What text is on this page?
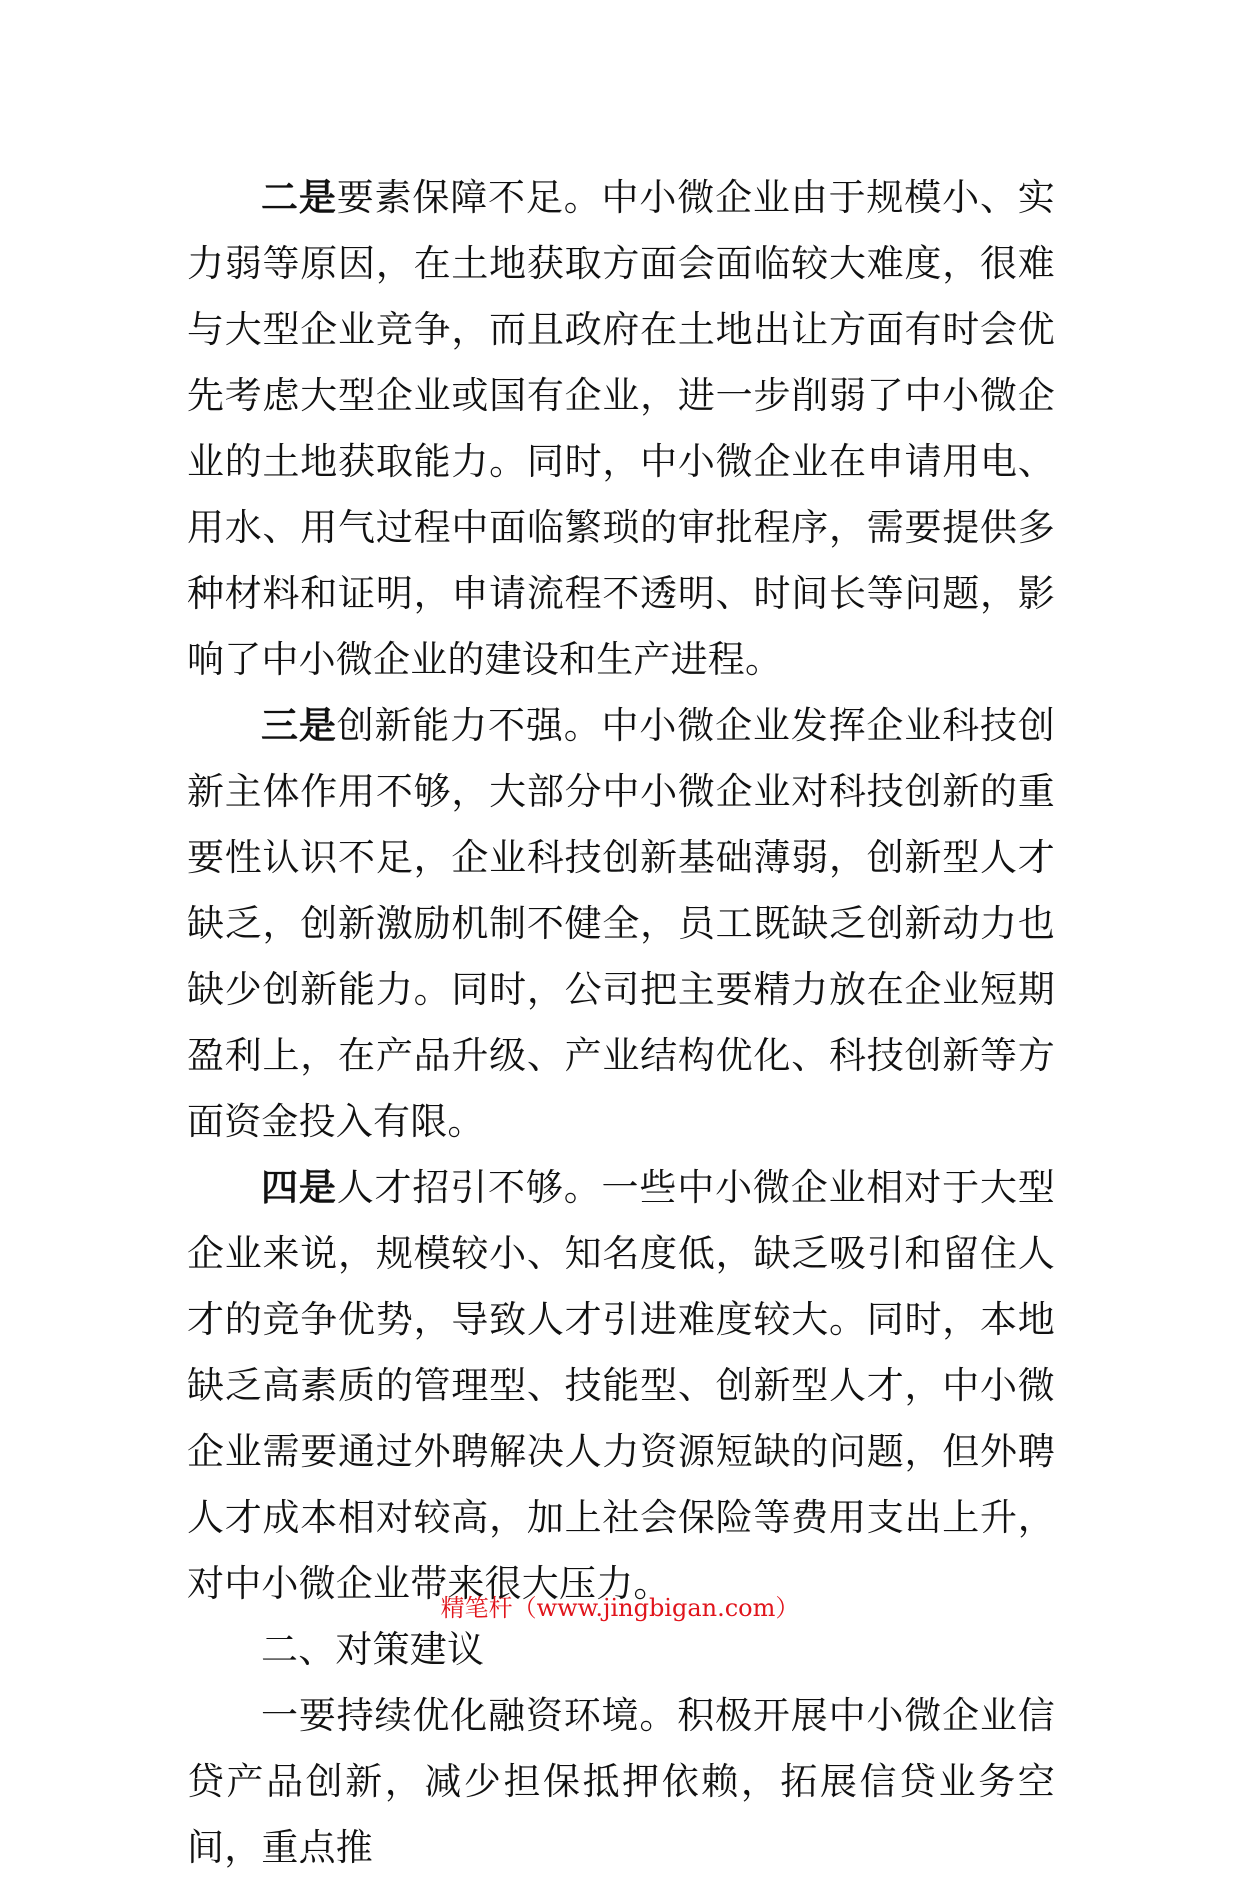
二是要素保障不足。中小微企业由于规模小、实力弱等原因，在土地获取方面会面临较大难度，很难与大型企业竞争，而且政府在土地出让方面有时会优先考虑大型企业或国有企业，进一步削弱了中小微企业的土地获取能力。同时，中小微企业在申请用电、用水、用气过程中面临繁琐的审批程序，需要提供多种材料和证明，申请流程不透明、时间长等问题，影响了中小微企业的建设和生产进程。

三是创新能力不强。中小微企业发挥企业科技创新主体作用不够，大部分中小微企业对科技创新的重要性认识不足，企业科技创新基础薄弱，创新型人才缺乏，创新激励机制不健全，员工既缺乏创新动力也缺少创新能力。同时，公司把主要精力放在企业短期盈利上，在产品升级、产业结构优化、科技创新等方面资金投入有限。

四是人才招引不够。一些中小微企业相对于大型企业来说，规模较小、知名度低，缺乏吸引和留住人才的竞争优势，导致人才引进难度较大。同时，本地缺乏高素质的管理型、技能型、创新型人才，中小微企业需要通过外聘解决人力资源短缺的问题，但外聘人才成本相对较高，加上社会保险等费用支出上升，对中小微企业带来很大压力。

二、对策建议

一要持续优化融资环境。积极开展中小微企业信贷产品创新，减少担保抵押依赖，拓展信贷业务空间，重点推

精笔杆（www.jingbigan.com）
